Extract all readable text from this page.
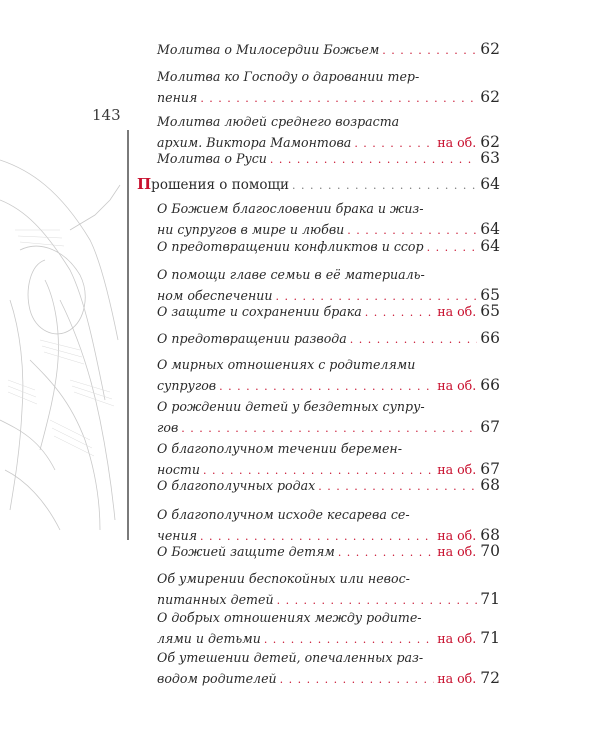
143
Молитва о Милосердии Божьем . . .	62
Молитва ко Господу о даровании тер-
пения . . .	62
Молитва людей среднего возраста
архим. Виктора Мамонтова . . .	на об. 62
Молитва о Руси . . .	63
Прошения о помощи . . .	64
О Божием благословении брака и жиз-
ни супругов в мире и любви . . .	64
О предотвращении конфликтов и ссор . . .	64
О помощи главе семьи в её материаль-
ном обеспечении . . .	65
О защите и сохранении брака . . .	на об. 65
О предотвращении развода . . .	66
О мирных отношениях с родителями
супругов . . .	на об. 66
О рождении детей у бездетных супру-
гов . . .	67
О благополучном течении беремен-
ности . . .	на об. 67
О благополучных родах . . .	68
О благополучном исходе кесарева се-
чения . . .	на об. 68
О Божией защите детям . . .	на об. 70
Об умирении беспокойных или невос-
питанных детей . . .	71
О добрых отношениях между родите-
лями и детьми . . .	на об. 71
Об утешении детей, опечаленных раз-
водом родителей . . .	на об. 72
